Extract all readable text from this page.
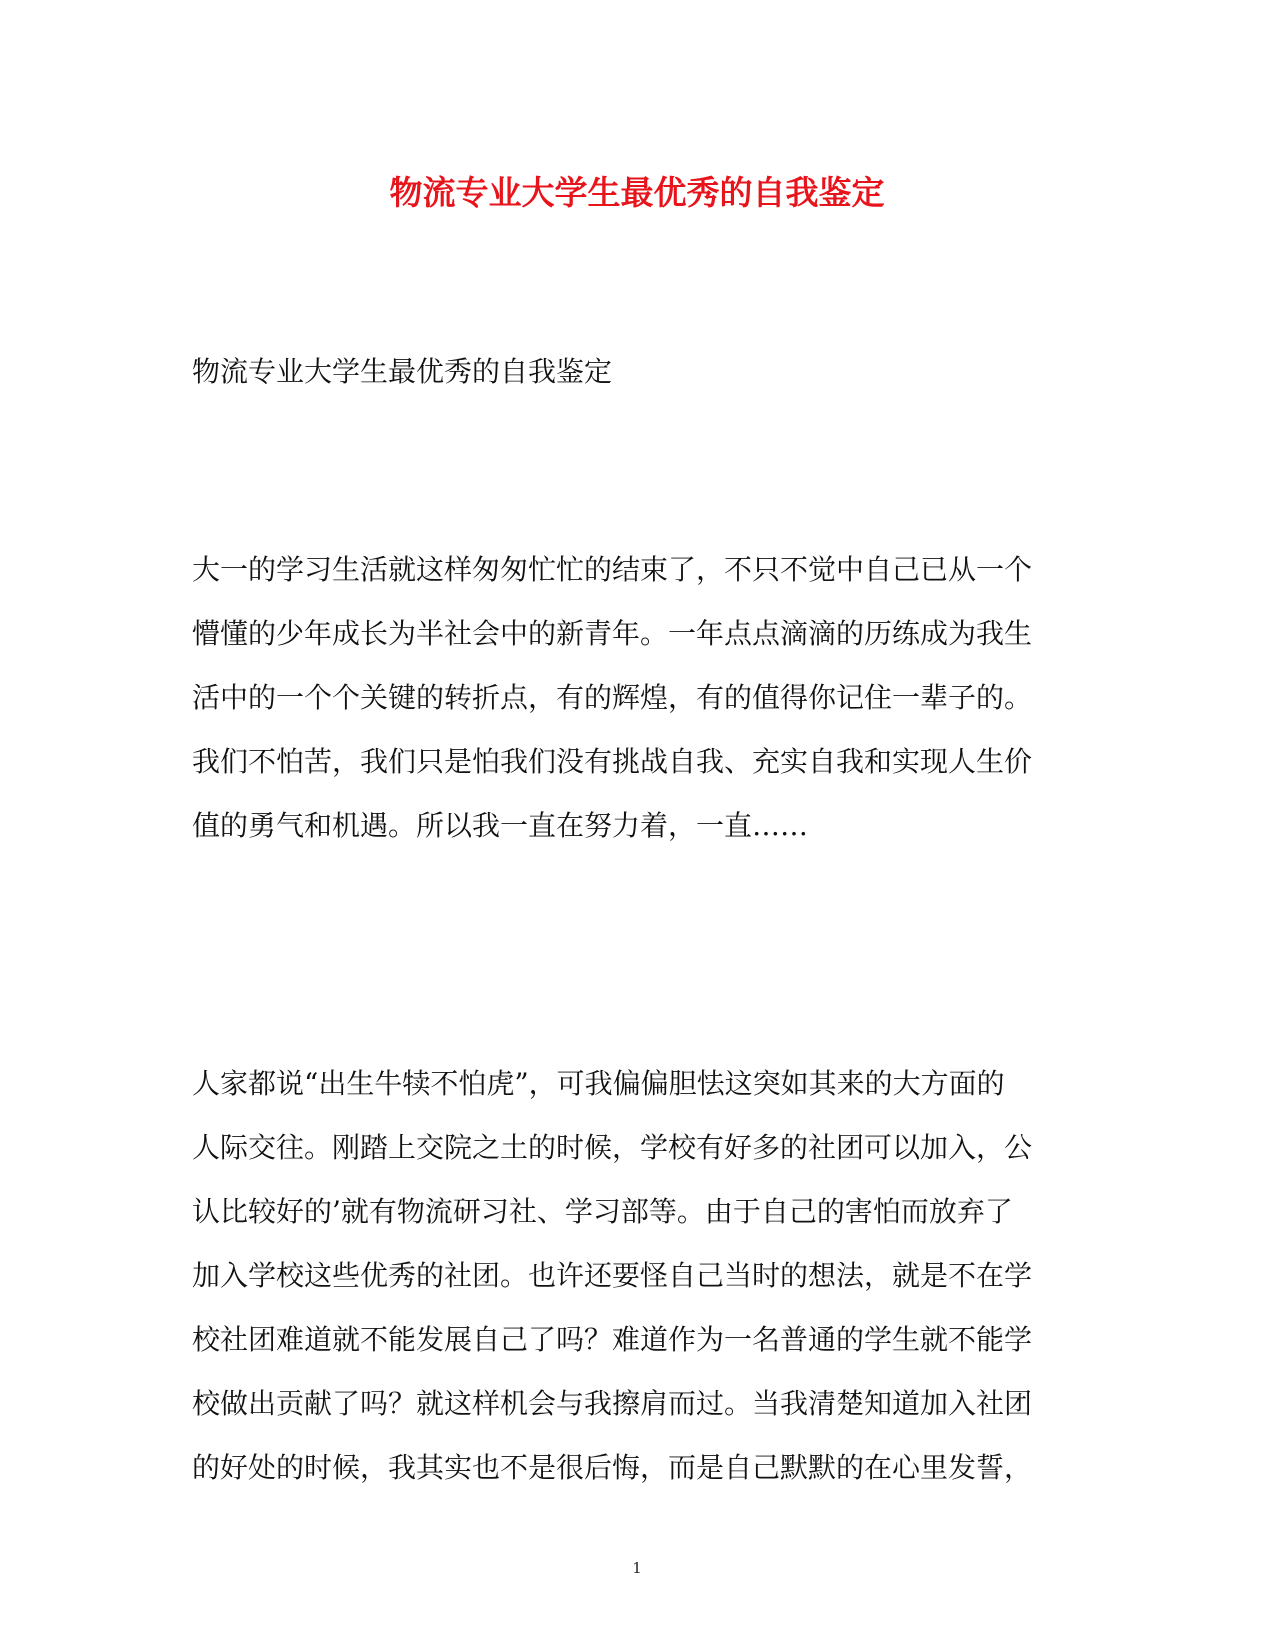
物流专业大学生最优秀的自我鉴定

物流专业大学生最优秀的自我鉴定

大一的学习生活就这样匆匆忙忙的结束了，不只不觉中自己已从一个
懵懂的少年成长为半社会中的新青年。一年点点滴滴的历练成为我生
活中的一个个关键的转折点，有的辉煌，有的值得你记住一辈子的。
我们不怕苦，我们只是怕我们没有挑战自我、充实自我和实现人生价
值的勇气和机遇。所以我一直在努力着，一直……
人家都说“出生牛犊不怕虎”，可我偏偏胆怯这突如其来的大方面的
人际交往。刚踏上交院之土的时候，学校有好多的社团可以加入，公
认比较好的’就有物流研习社、学习部等。由于自己的害怕而放弃了
加入学校这些优秀的社团。也许还要怪自己当时的想法，就是不在学
校社团难道就不能发展自己了吗？难道作为一名普通的学生就不能学
校做出贡献了吗？就这样机会与我擦肩而过。当我清楚知道加入社团
的好处的时候，我其实也不是很后悔，而是自己默默的在心里发誓，
1
